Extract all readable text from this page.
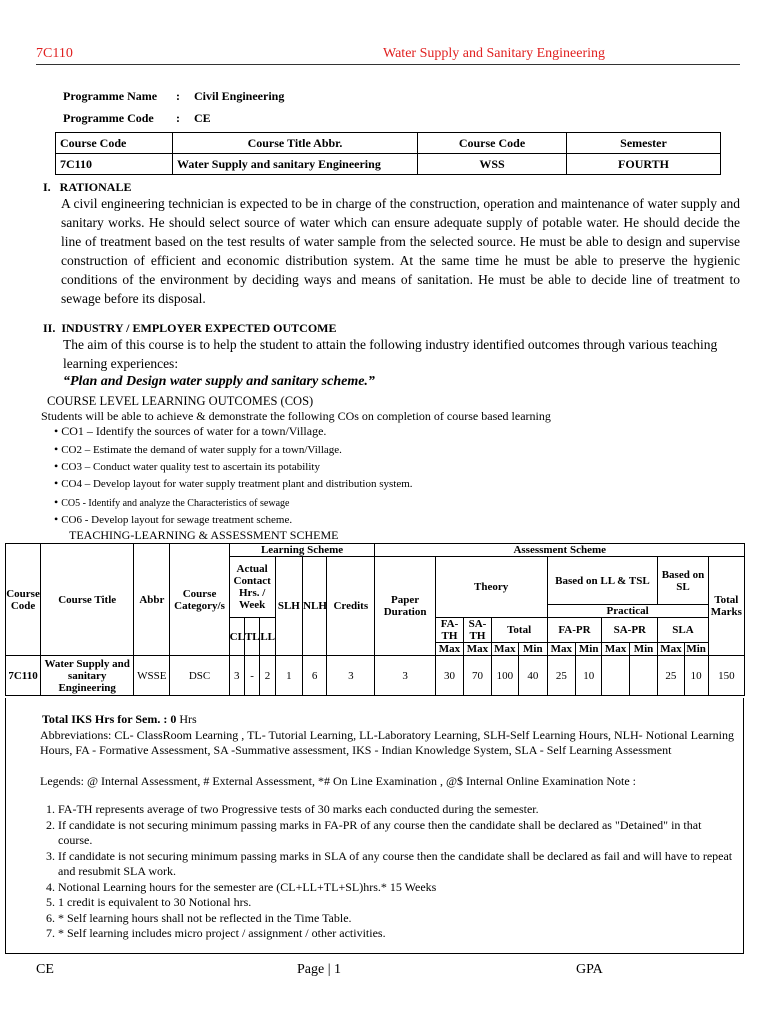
7C110	Water Supply and Sanitary Engineering
Programme Name : Civil Engineering
Programme Code : CE
Course Code	Course Title Abbr.	Course Code	Semester
7C110	Water Supply and sanitary Engineering	WSS	FOURTH
I.   RATIONALE
A civil engineering technician is expected to be in charge of the construction, operation and maintenance of water supply and sanitary works. He should select source of water which can ensure adequate supply of potable water. He should decide the line of treatment based on the test results of water sample from the selected source. He must be able to design and supervise construction of efficient and economic distribution system. At the same time he must be able to preserve the hygienic conditions of the environment by deciding ways and means of sanitation. He must be able to decide line of treatment to sewage before its disposal.
II.  INDUSTRY / EMPLOYER EXPECTED OUTCOME
The aim of this course is to help the student to attain the following industry identified outcomes through various teaching learning experiences:
“Plan and Design water supply and sanitary scheme.”
COURSE LEVEL LEARNING OUTCOMES (COS)
Students will be able to achieve & demonstrate the following COs on completion of course based learning
• CO1 – Identify the sources of water for a town/Village.
• CO2 – Estimate the demand of water supply for a town/Village.
• CO3 – Conduct water quality test to ascertain its potability
• CO4 – Develop layout for water supply treatment plant and distribution system.
• CO5 - Identify and analyze the Characteristics of sewage
• CO6 - Develop layout for sewage treatment scheme.
TEACHING-LEARNING & ASSESSMENT SCHEME
Course Code	Course Title	Abbr	Course Category/s	Learning Scheme						Assessment Scheme											
				Actual Contact Hrs. / Week			SLH	NLH	Credits	Paper Duration	Theory				Based on LL & TSL				Based on SL		Total Marks
															Practical						
				CL	TL	LL					FA-TH	SA-TH	Total		FA-PR		SA-PR		SLA		
											Max	Max	Max	Min	Max	Min	Max	Min	Max	Min	
7C110	Water Supply and sanitary Engineering	WSSE	DSC	3	-	2	1	6	3	3	30	70	100	40	25	10			25	10	150
Total IKS Hrs for Sem. : 0 Hrs
Abbreviations: CL- ClassRoom Learning , TL- Tutorial Learning, LL-Laboratory Learning, SLH-Self Learning Hours, NLH- Notional Learning Hours, FA - Formative Assessment, SA -Summative assessment, IKS - Indian Knowledge System, SLA - Self Learning Assessment
Legends: @ Internal Assessment, # External Assessment, *# On Line Examination , @$ Internal Online Examination Note :
1. FA-TH represents average of two Progressive tests of 30 marks each conducted during the semester.
2. If candidate is not securing minimum passing marks in FA-PR of any course then the candidate shall be declared as "Detained" in that course.
3. If candidate is not securing minimum passing marks in SLA of any course then the candidate shall be declared as fail and will have to repeat and resubmit SLA work.
4. Notional Learning hours for the semester are (CL+LL+TL+SL)hrs.* 15 Weeks
5. 1 credit is equivalent to 30 Notional hrs.
6. * Self learning hours shall not be reflected in the Time Table.
7. * Self learning includes micro project / assignment / other activities.
CE	Page | 1	GPA
